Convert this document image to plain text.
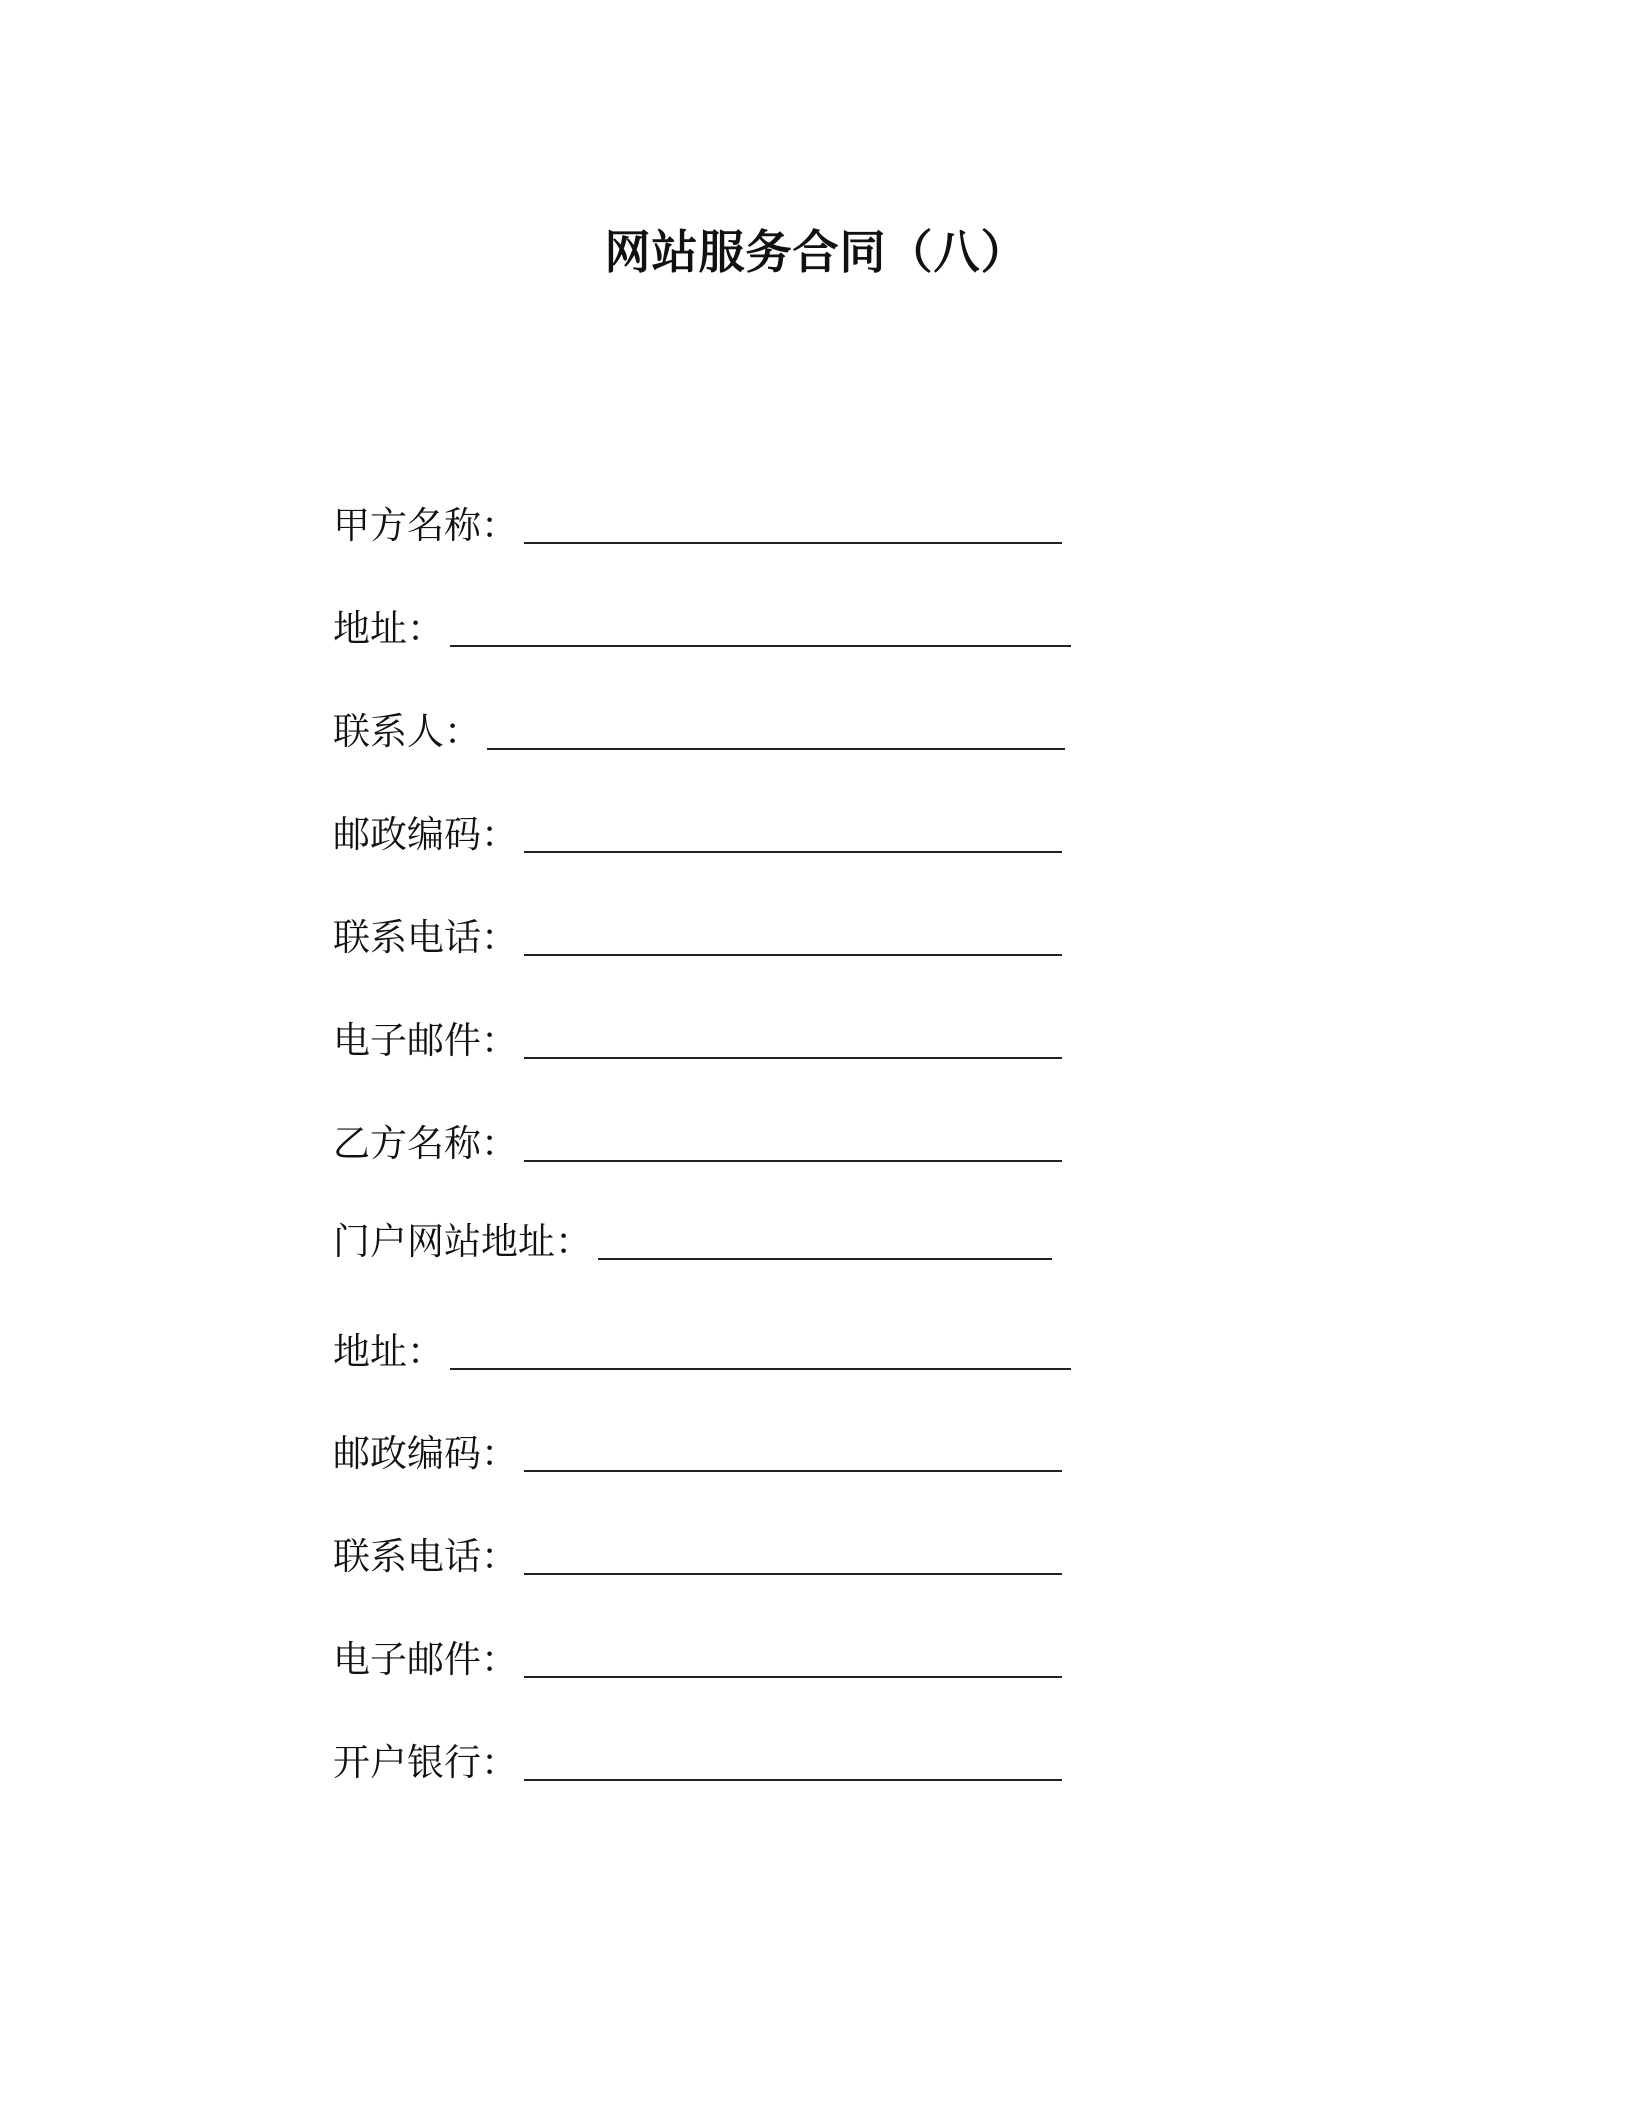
网站服务合同（八）
甲方名称：
地址：
联系人：
邮政编码：
联系电话：
电子邮件：
乙方名称：
门户网站地址：
地址：
邮政编码：
联系电话：
电子邮件：
开户银行：
